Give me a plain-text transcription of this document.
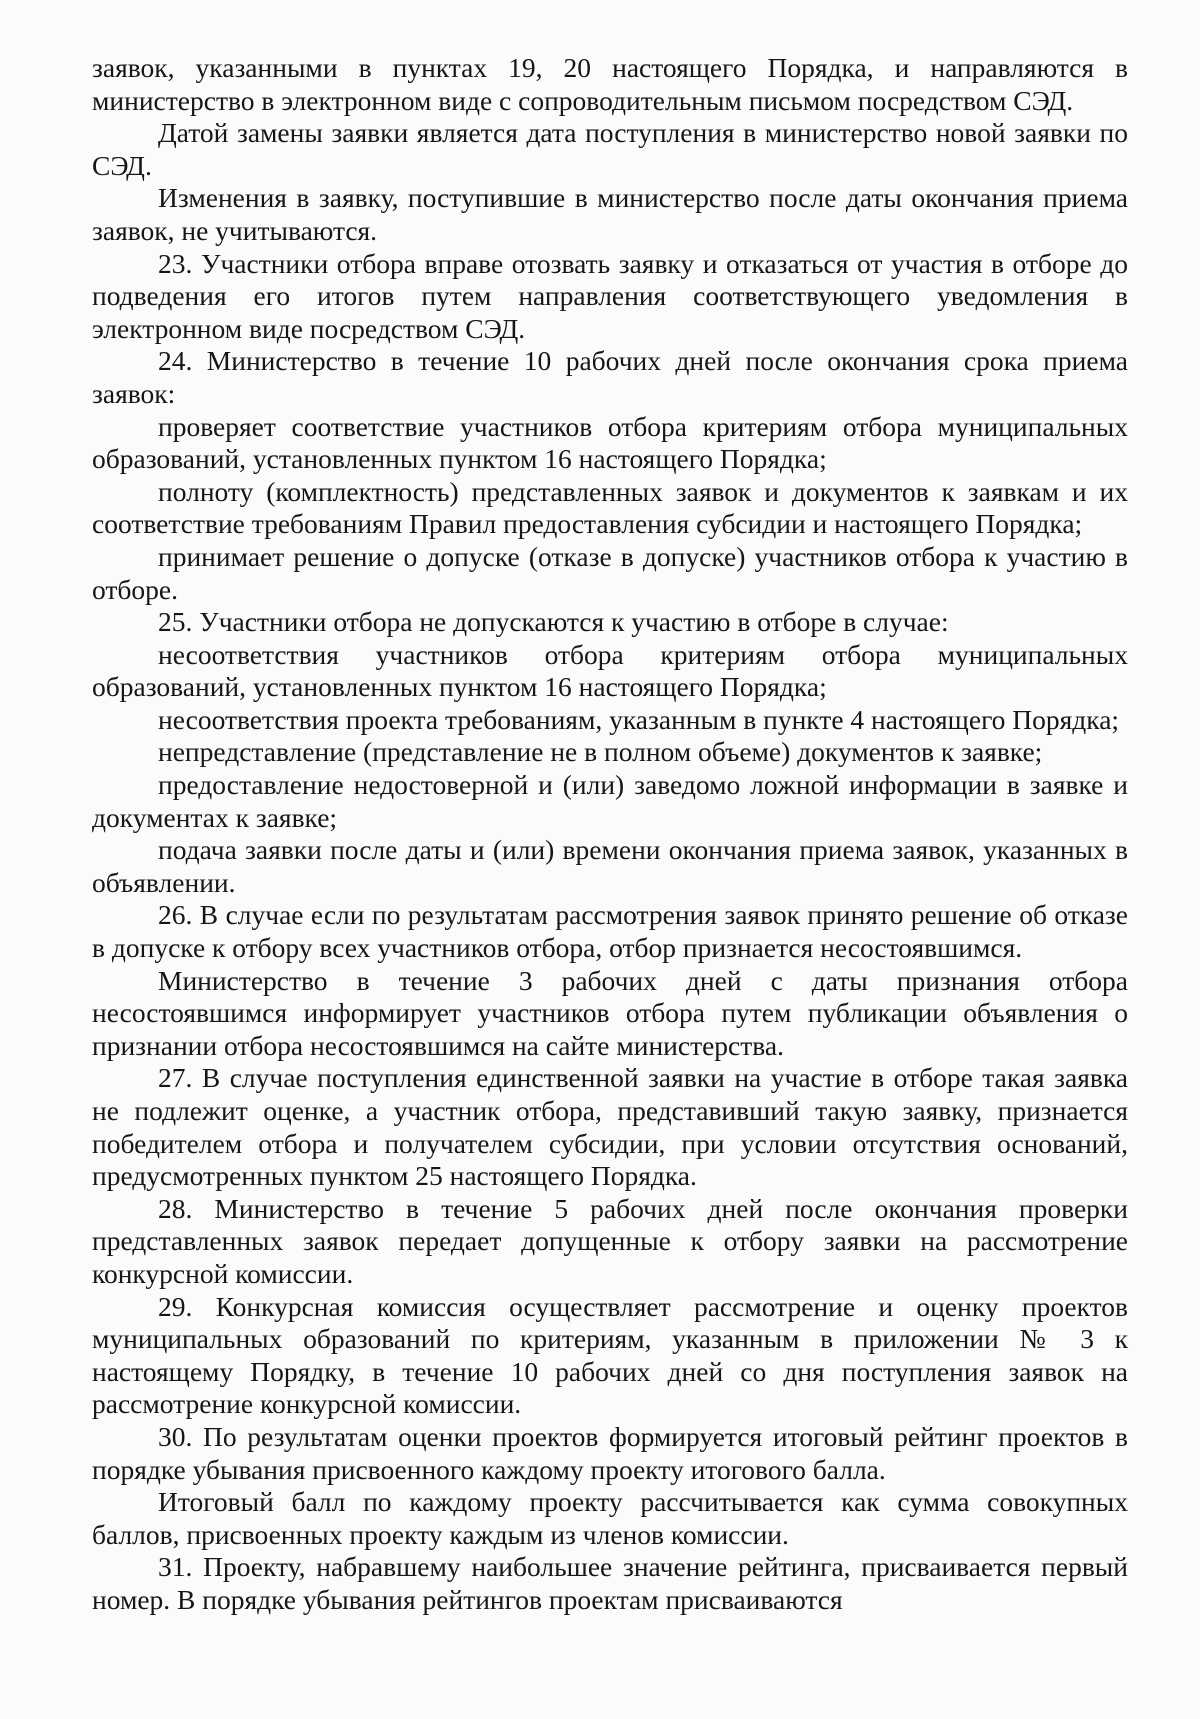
заявок, указанными в пунктах 19, 20 настоящего Порядка, и направляются в министерство в электронном виде с сопроводительным письмом посредством СЭД.

Датой замены заявки является дата поступления в министерство новой заявки по СЭД.

Изменения в заявку, поступившие в министерство после даты окончания приема заявок, не учитываются.

23. Участники отбора вправе отозвать заявку и отказаться от участия в отборе до подведения его итогов путем направления соответствующего уведомления в электронном виде посредством СЭД.

24. Министерство в течение 10 рабочих дней после окончания срока приема заявок:

проверяет соответствие участников отбора критериям отбора муниципальных образований, установленных пунктом 16 настоящего Порядка;

полноту (комплектность) представленных заявок и документов к заявкам и их соответствие требованиям Правил предоставления субсидии и настоящего Порядка;

принимает решение о допуске (отказе в допуске) участников отбора к участию в отборе.

25. Участники отбора не допускаются к участию в отборе в случае:

несоответствия участников отбора критериям отбора муниципальных образований, установленных пунктом 16 настоящего Порядка;

несоответствия проекта требованиям, указанным в пункте 4 настоящего Порядка;

непредставление (представление не в полном объеме) документов к заявке;

предоставление недостоверной и (или) заведомо ложной информации в заявке и документах к заявке;

подача заявки после даты и (или) времени окончания приема заявок, указанных в объявлении.

26. В случае если по результатам рассмотрения заявок принято решение об отказе в допуске к отбору всех участников отбора, отбор признается несостоявшимся.

Министерство в течение 3 рабочих дней с даты признания отбора несостоявшимся информирует участников отбора путем публикации объявления о признании отбора несостоявшимся на сайте министерства.

27. В случае поступления единственной заявки на участие в отборе такая заявка не подлежит оценке, а участник отбора, представивший такую заявку, признается победителем отбора и получателем субсидии, при условии отсутствия оснований, предусмотренных пунктом 25 настоящего Порядка.

28. Министерство в течение 5 рабочих дней после окончания проверки представленных заявок передает допущенные к отбору заявки на рассмотрение конкурсной комиссии.

29. Конкурсная комиссия осуществляет рассмотрение и оценку проектов муниципальных образований по критериям, указанным в приложении № 3 к настоящему Порядку, в течение 10 рабочих дней со дня поступления заявок на рассмотрение конкурсной комиссии.

30. По результатам оценки проектов формируется итоговый рейтинг проектов в порядке убывания присвоенного каждому проекту итогового балла.

Итоговый балл по каждому проекту рассчитывается как сумма совокупных баллов, присвоенных проекту каждым из членов комиссии.

31. Проекту, набравшему наибольшее значение рейтинга, присваивается первый номер. В порядке убывания рейтингов проектам присваиваются
